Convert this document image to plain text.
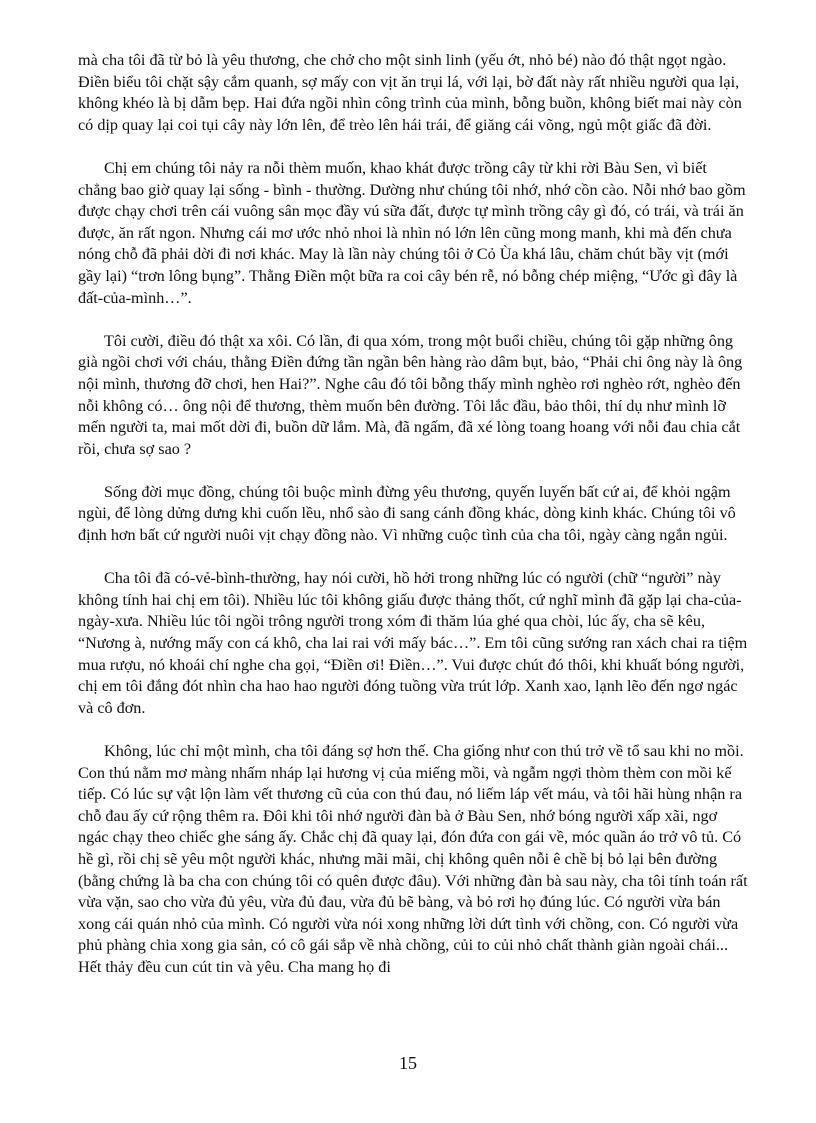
mà cha tôi đã từ bỏ là yêu thương, che chở cho một sinh linh (yếu ớt, nhỏ bé) nào đó thật ngọt ngào. Điền biểu tôi chặt sậy cắm quanh, sợ mấy con vịt ăn trụi lá, với lại, bờ đất này rất nhiều người qua lại, không khéo là bị dẫm bẹp. Hai đứa ngồi nhìn công trình của mình, bỗng buồn, không biết mai này còn có dịp quay lại coi tụi cây này lớn lên, để trèo lên hái trái, để giăng cái võng, ngủ một giấc đã đời.

Chị em chúng tôi nảy ra nỗi thèm muốn, khao khát được trồng cây từ khi rời Bàu Sen, vì biết chẳng bao giờ quay lại sống - bình - thường. Dường như chúng tôi nhớ, nhớ cồn cào. Nỗi nhớ bao gồm được chạy chơi trên cái vuông sân mọc đầy vú sữa đất, được tự mình trồng cây gì đó, có trái, và trái ăn được, ăn rất ngon. Nhưng cái mơ ước nhỏ nhoi là nhìn nó lớn lên cũng mong manh, khi mà đến chưa nóng chỗ đã phải dời đi nơi khác. May là lần này chúng tôi ở Cỏ Ùa khá lâu, chăm chút bầy vịt (mới gầy lại) “trơn lông bụng”. Thằng Điền một bữa ra coi cây bén rễ, nó bỗng chép miệng, “Ước gì đây là đất-của-mình…”.

Tôi cười, điều đó thật xa xôi. Có lần, đi qua xóm, trong một buổi chiều, chúng tôi gặp những ông già ngồi chơi với cháu, thằng Điền đứng tần ngần bên hàng rào dâm bụt, bảo, “Phải chi ông này là ông nội mình, thương đỡ chơi, hen Hai?”. Nghe câu đó tôi bỗng thấy mình nghèo rơi nghèo rớt, nghèo đến nỗi không có… ông nội để thương, thèm muốn bên đường. Tôi lắc đầu, bảo thôi, thí dụ như mình lỡ mến người ta, mai mốt dời đi, buồn dữ lắm. Mà, đã ngấm, đã xé lòng toang hoang với nỗi đau chia cắt rồi, chưa sợ sao ?

Sống đời mục đồng, chúng tôi buộc mình đừng yêu thương, quyến luyến bất cứ ai, để khỏi ngậm ngùi, để lòng dửng dưng khi cuốn lều, nhổ sào đi sang cánh đồng khác, dòng kinh khác. Chúng tôi vô định hơn bất cứ người nuôi vịt chạy đồng nào. Vì những cuộc tình của cha tôi, ngày càng ngắn ngủi.

Cha tôi đã có-vẻ-bình-thường, hay nói cười, hồ hởi trong những lúc có người (chữ “người” này không tính hai chị em tôi). Nhiều lúc tôi không giấu được thảng thốt, cứ nghĩ mình đã gặp lại cha-của-ngày-xưa. Nhiều lúc tôi ngồi trông người trong xóm đi thăm lúa ghé qua chòi, lúc ấy, cha sẽ kêu, “Nương à, nướng mấy con cá khô, cha lai rai với mấy bác…”. Em tôi cũng sướng ran xách chai ra tiệm mua rượu, nó khoái chí nghe cha gọi, “Điền ơi! Điền…”. Vui được chút đó thôi, khi khuất bóng người, chị em tôi đắng đót nhìn cha hao hao người đóng tuồng vừa trút lớp. Xanh xao, lạnh lẽo đến ngơ ngác và cô đơn.

Không, lúc chỉ một mình, cha tôi đáng sợ hơn thế. Cha giống như con thú trở về tổ sau khi no mồi. Con thú nằm mơ màng nhấm nháp lại hương vị của miếng mồi, và ngẫm ngợi thòm thèm con mồi kế tiếp. Có lúc sự vật lộn làm vết thương cũ của con thú đau, nó liếm láp vết máu, và tôi hãi hùng nhận ra chỗ đau ấy cứ rộng thêm ra. Đôi khi tôi nhớ người đàn bà ở Bàu Sen, nhớ bóng người xấp xãi, ngơ ngác chạy theo chiếc ghe sáng ấy. Chắc chị đã quay lại, đón đứa con gái về, móc quần áo trở vô tủ. Có hề gì, rồi chị sẽ yêu một người khác, nhưng mãi mãi, chị không quên nỗi ê chề bị bỏ lại bên đường (bằng chứng là ba cha con chúng tôi có quên được đâu). Với những đàn bà sau này, cha tôi tính toán rất vừa vặn, sao cho vừa đủ yêu, vừa đủ đau, vừa đủ bẽ bàng, và bỏ rơi họ đúng lúc. Có người vừa bán xong cái quán nhỏ của mình. Có người vừa nói xong những lời dứt tình với chồng, con. Có người vừa phủ phàng chia xong gia sản, có cô gái sắp về nhà chồng, củi to củi nhỏ chất thành giàn ngoài chái... Hết thảy đều cun cút tin và yêu. Cha mang họ đi

15
